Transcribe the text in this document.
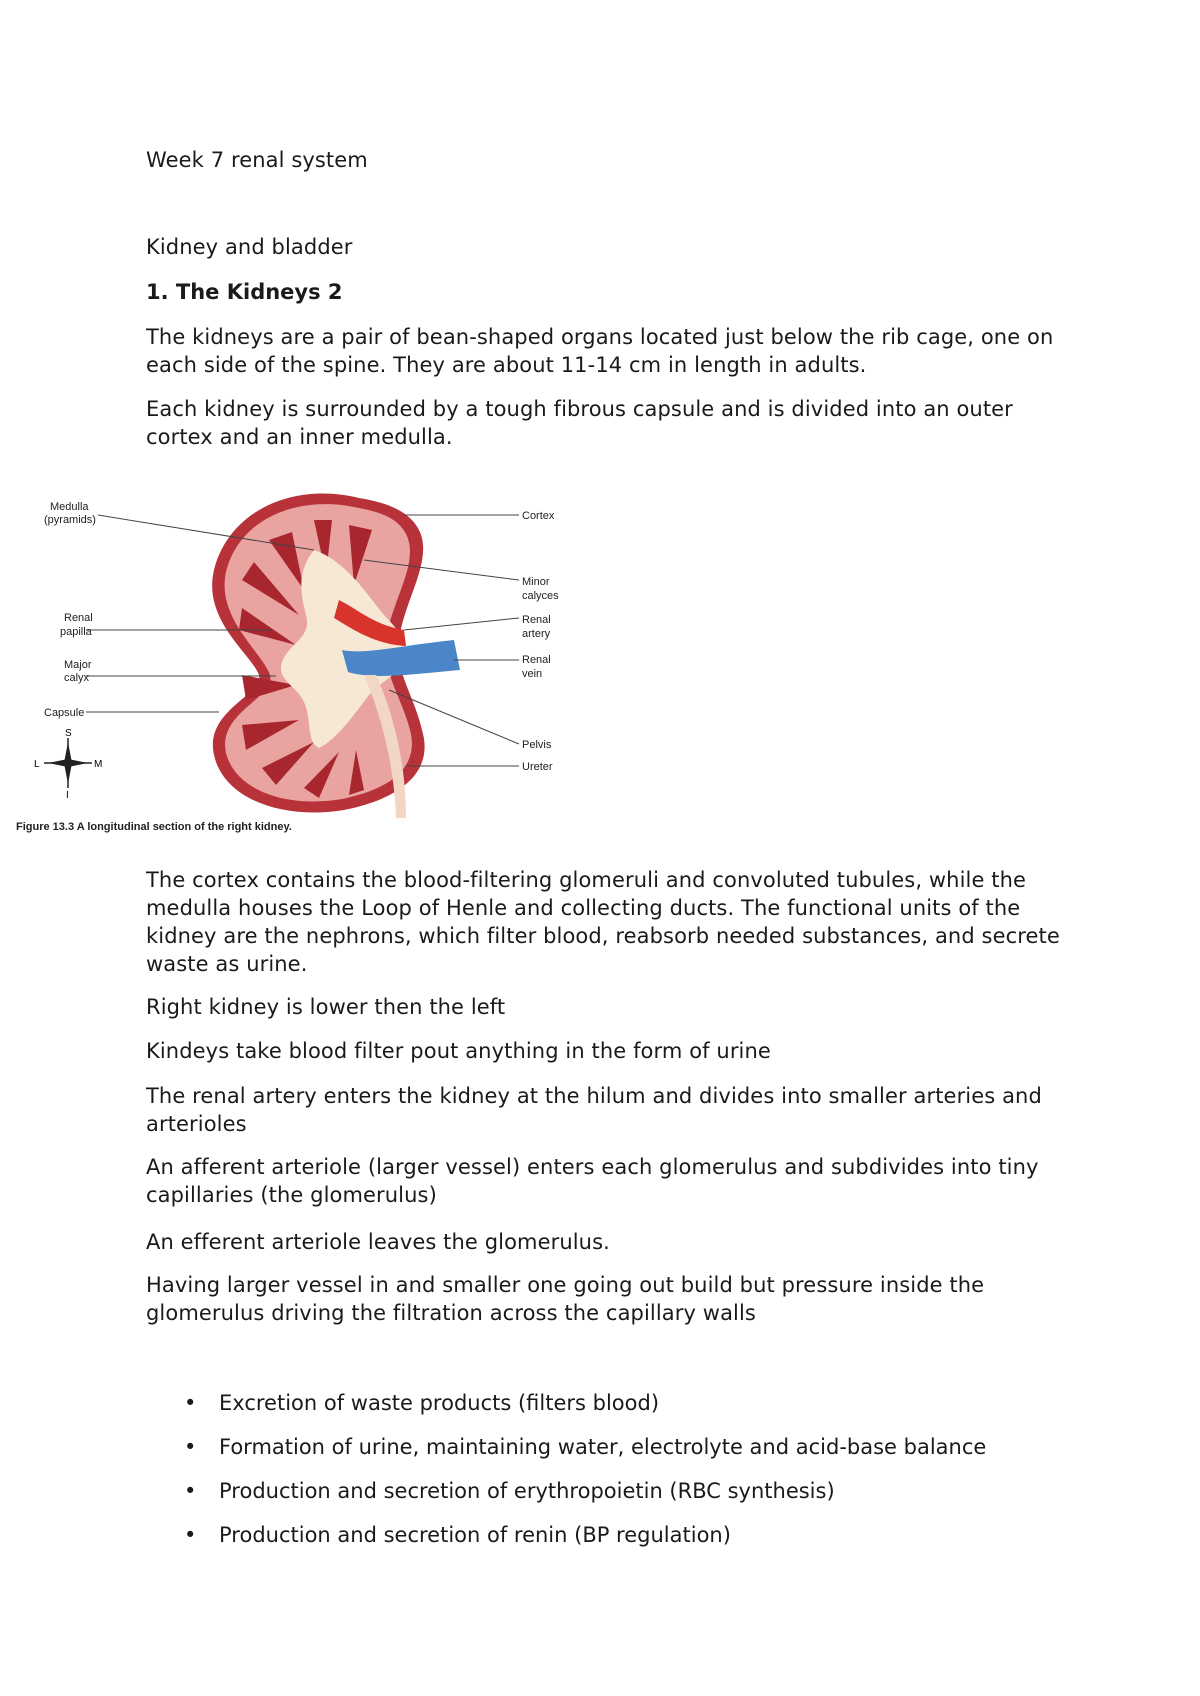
Week 7 renal system

Kidney and bladder

1. The Kidneys 2

The kidneys are a pair of bean-shaped organs located just below the rib cage, one on each side of the spine. They are about 11-14 cm in length in adults.

Each kidney is surrounded by a tough fibrous capsule and is divided into an outer cortex and an inner medulla.

Medulla
(pyramids)	Cortex
Minor
calyces
Renal
papilla
Renal
artery
Renal
vein
Major
calyx
Capsule
Pelvis
Ureter
S
L	M
I
Figure 13.3 A longitudinal section of the right kidney.

The cortex contains the blood-filtering glomeruli and convoluted tubules, while the medulla houses the Loop of Henle and collecting ducts. The functional units of the kidney are the nephrons, which filter blood, reabsorb needed substances, and secrete waste as urine.

Right kidney is lower then the left

Kindeys take blood filter pout anything in the form of urine

The renal artery enters the kidney at the hilum and divides into smaller arteries and arterioles

An afferent arteriole (larger vessel) enters each glomerulus and subdivides into tiny capillaries (the glomerulus)

An efferent arteriole leaves the glomerulus.

Having larger vessel in and smaller one going out build but pressure inside the glomerulus driving the filtration across the capillary walls

• Excretion of waste products (filters blood)
• Formation of urine, maintaining water, electrolyte and acid-base balance
• Production and secretion of erythropoietin (RBC synthesis)
• Production and secretion of renin (BP regulation)
